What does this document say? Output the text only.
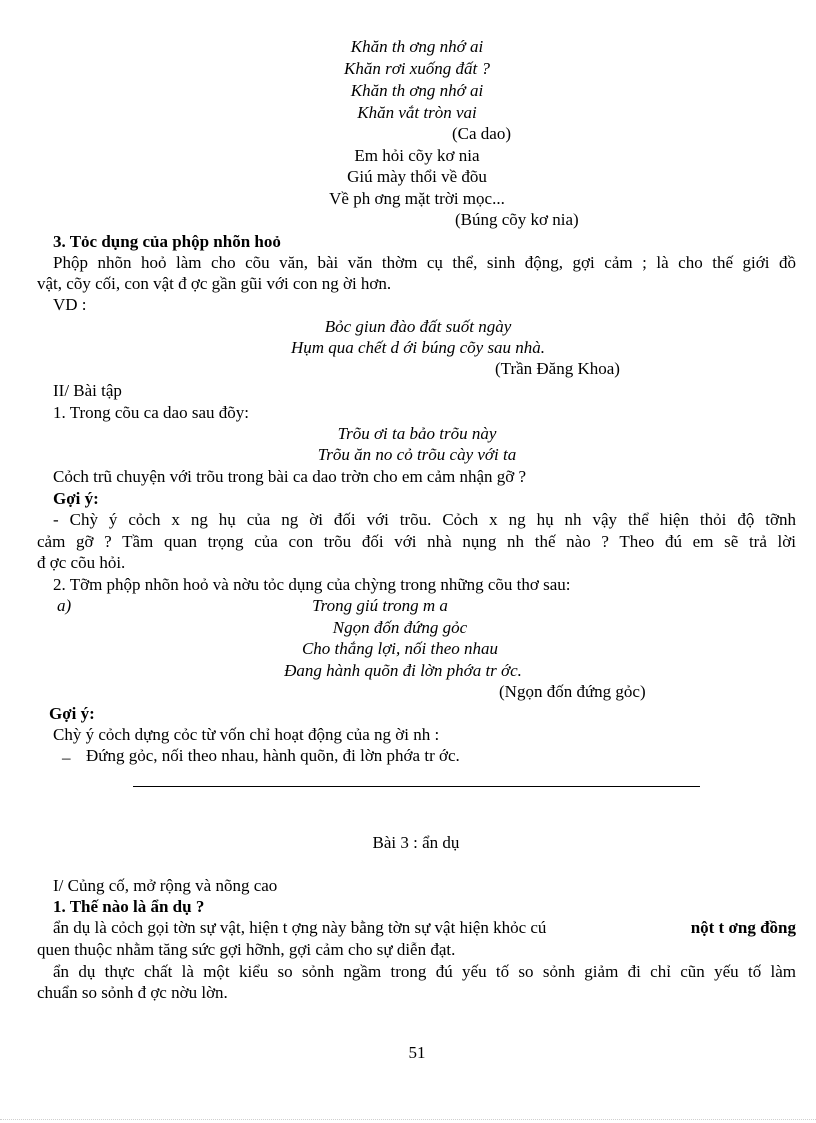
Khăn th ơng nhớ ai
Khăn rơi xuống đất ?
Khăn th ơng nhớ ai
Khăn vắt tròn vai
(Ca dao)
Em hỏi cõy kơ nia
Giú mày thổi về đõu
Về ph ơng mặt trời mọc...
(Búng cõy kơ nia)
3. Tỏc dụng của phộp nhõn hoỏ
Phộp nhõn hoỏ làm cho cõu văn, bài văn thờm cụ thể, sinh động, gợi cảm ; là cho thế giới đồ
vật, cõy cối, con vật đ ợc gần gũi với con ng ời hơn.
VD :
Bỏc giun đào đất suốt ngày
Hụm qua chết d ới búng cõy sau nhà.
(Trần Đăng Khoa)
II/ Bài tập
1. Trong cõu ca dao sau đõy:
Trõu ơi ta bảo trõu này
Trõu ăn no cỏ trõu cày với ta
Cỏch trũ chuyện với trõu trong bài ca dao trờn cho em cảm nhận gỡ ?
Gợi ý:
- Chỳ ý cỏch x ng hụ của ng ời đối với trõu. Cỏch x ng hụ nh vậy thể hiện thỏi độ tỡnh
cảm gỡ ? Tầm quan trọng của con trõu đối với nhà nụng nh thế nào ? Theo đú em sẽ trả lời
đ ợc cõu hỏi.
2. Tỡm phộp nhõn hoỏ và nờu tỏc dụng của chỳng trong những cõu thơ sau:
a)	Trong giú trong m a
Ngọn đốn đứng gỏc
Cho thắng lợi, nối theo nhau
Đang hành quõn đi lờn phớa tr ớc.
(Ngọn đốn đứng gỏc)
Gợi ý:
Chỳ ý cỏch dựng cỏc từ vốn chỉ hoạt động của ng ời nh :
– Đứng gỏc, nối theo nhau, hành quõn, đi lờn phớa tr ớc.
Bài 3 : ẩn dụ
I/ Củng cố, mở rộng và nõng cao
1. Thế nào là ẩn dụ ?
ẩn dụ là cỏch gọi tờn sự vật, hiện t ợng này bằng tờn sự vật hiện khỏc cú	nột t ơng đồng
quen thuộc nhằm tăng sức gợi hỡnh, gợi cảm cho sự diễn đạt.
ẩn dụ thực chất là một kiểu so sỏnh ngầm trong đú yếu tố so sỏnh giảm đi chỉ cũn yếu tố làm
chuẩn so sỏnh đ ợc nờu lờn.
51
